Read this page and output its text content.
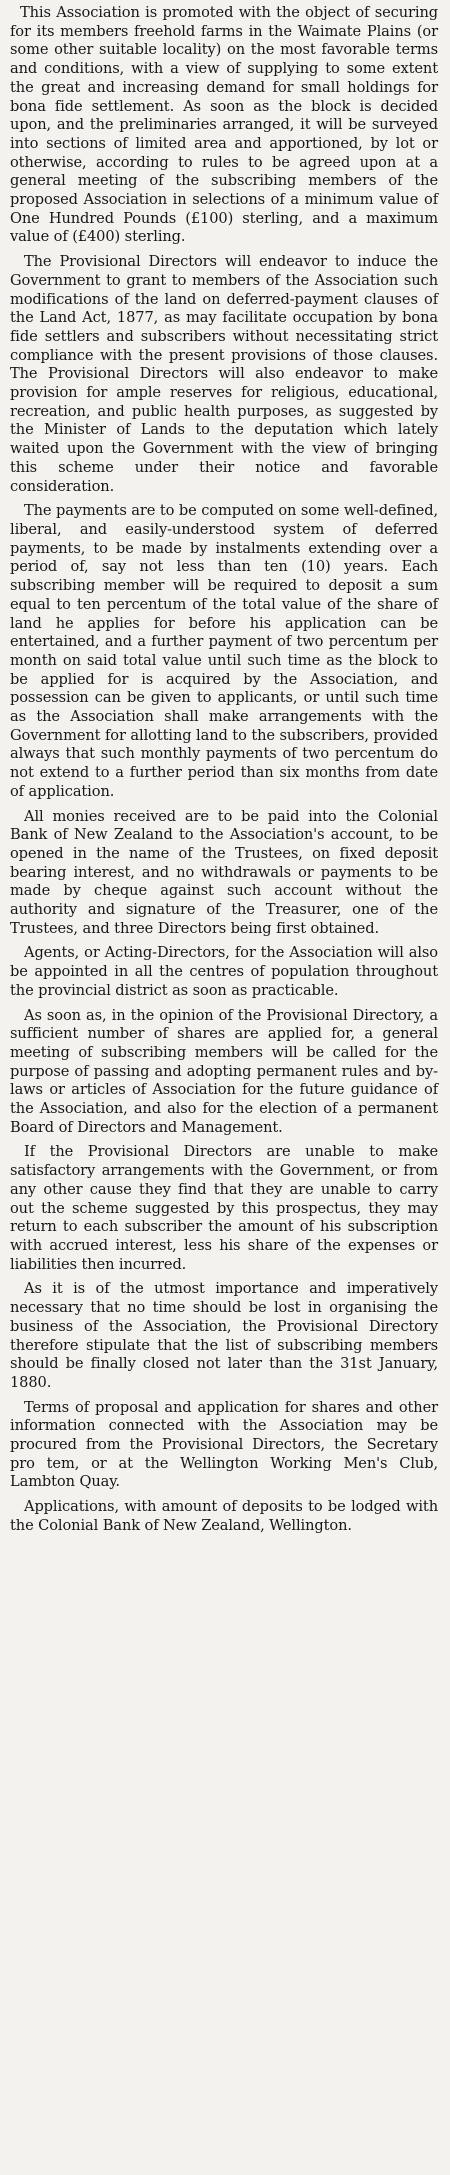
This Association is promoted with the object of securing for its members freehold farms in the Waimate Plains (or some other suitable locality) on the most favorable terms and conditions, with a view of supplying to some extent the great and increasing demand for small holdings for bona fide settlement. As soon as the block is decided upon, and the preliminaries arranged, it will be surveyed into sections of limited area and apportioned, by lot or otherwise, according to rules to be agreed upon at a general meeting of the subscribing members of the proposed Association in selections of a minimum value of One Hundred Pounds (£100) sterling, and a maximum value of (£400) sterling.

The Provisional Directors will endeavor to induce the Government to grant to members of the Association such modifications of the land on deferred-payment clauses of the Land Act, 1877, as may facilitate occupation by bona fide settlers and subscribers without necessitating strict compliance with the present provisions of those clauses. The Provisional Directors will also endeavor to make provision for ample reserves for religious, educational, recreation, and public health purposes, as suggested by the Minister of Lands to the deputation which lately waited upon the Government with the view of bringing this scheme under their notice and favorable consideration.

The payments are to be computed on some well-defined, liberal, and easily-understood system of deferred payments, to be made by instalments extending over a period of, say not less than ten (10) years. Each subscribing member will be required to deposit a sum equal to ten percentum of the total value of the share of land he applies for before his application can be entertained, and a further payment of two percentum per month on said total value until such time as the block to be applied for is acquired by the Association, and possession can be given to applicants, or until such time as the Association shall make arrangements with the Government for allotting land to the subscribers, provided always that such monthly payments of two percentum do not extend to a further period than six months from date of application.

All monies received are to be paid into the Colonial Bank of New Zealand to the Association's account, to be opened in the name of the Trustees, on fixed deposit bearing interest, and no withdrawals or payments to be made by cheque against such account without the authority and signature of the Treasurer, one of the Trustees, and three Directors being first obtained.

Agents, or Acting-Directors, for the Association will also be appointed in all the centres of population throughout the provincial district as soon as practicable.

As soon as, in the opinion of the Provisional Directory, a sufficient number of shares are applied for, a general meeting of subscribing members will be called for the purpose of passing and adopting permanent rules and by-laws or articles of Association for the future guidance of the Association, and also for the election of a permanent Board of Directors and Management.

If the Provisional Directors are unable to make satisfactory arrangements with the Government, or from any other cause they find that they are unable to carry out the scheme suggested by this prospectus, they may return to each subscriber the amount of his subscription with accrued interest, less his share of the expenses or liabilities then incurred.

As it is of the utmost importance and imperatively necessary that no time should be lost in organising the business of the Association, the Provisional Directory therefore stipulate that the list of subscribing members should be finally closed not later than the 31st January, 1880.

Terms of proposal and application for shares and other information connected with the Association may be procured from the Provisional Directors, the Secretary pro tem, or at the Wellington Working Men's Club, Lambton Quay.

Applications, with amount of deposits to be lodged with the Colonial Bank of New Zealand, Wellington.
